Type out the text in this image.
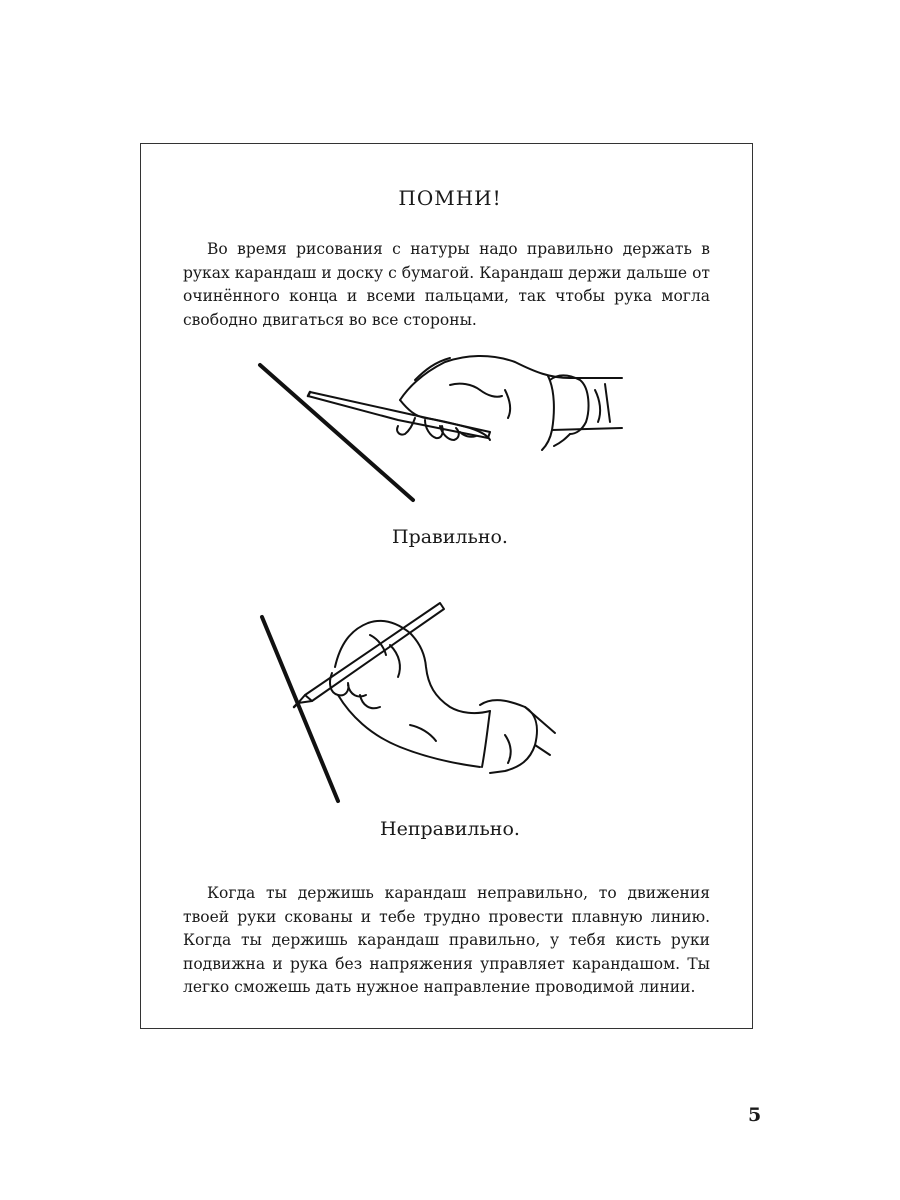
ПОМНИ!

Во время рисования с натуры надо правильно держать в руках карандаш и доску с бумагой. Карандаш держи дальше от очинённого конца и всеми пальцами, так чтобы рука могла свободно двигаться во все стороны.

Правильно.
Неправильно.

Когда ты держишь карандаш неправильно, то движения твоей руки скованы и тебе трудно провести плавную линию. Когда ты держишь карандаш правильно, у тебя кисть руки подвижна и рука без напряжения управляет карандашом. Ты легко сможешь дать нужное направление проводимой линии.

5
